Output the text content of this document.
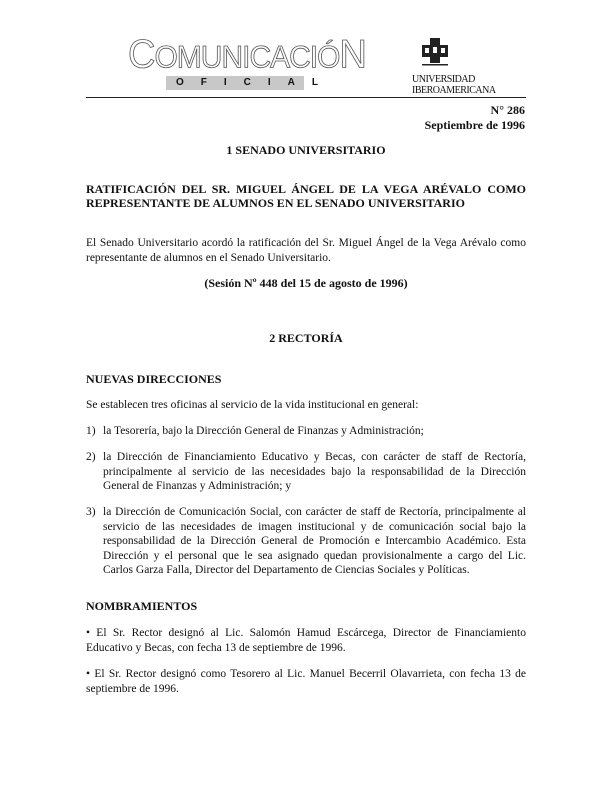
COMUNICACIÓN
OFICIAL	UNIVERSIDAD
IBEROAMERICANA
N° 286
Septiembre de 1996
1 SENADO UNIVERSITARIO
RATIFICACIÓN DEL SR. MIGUEL ÁNGEL DE LA VEGA ARÉVALO COMO REPRESENTANTE DE ALUMNOS EN EL SENADO UNIVERSITARIO
El Senado Universitario acordó la ratificación del Sr. Miguel Ángel de la Vega Arévalo como representante de alumnos en el Senado Universitario.
(Sesión Nº 448 del 15 de agosto de 1996)
2 RECTORÍA
NUEVAS DIRECCIONES
Se establecen tres oficinas al servicio de la vida institucional en general:
1) la Tesorería, bajo la Dirección General de Finanzas y Administración;
2) la Dirección de Financiamiento Educativo y Becas, con carácter de staff de Rectoría, principalmente al servicio de las necesidades bajo la responsabilidad de la Dirección General de Finanzas y Administración; y
3) la Dirección de Comunicación Social, con carácter de staff de Rectoría, principalmente al servicio de las necesidades de imagen institucional y de comunicación social bajo la responsabilidad de la Dirección General de Promoción e Intercambio Académico. Esta Dirección y el personal que le sea asignado quedan provisionalmente a cargo del Lic. Carlos Garza Falla, Director del Departamento de Ciencias Sociales y Políticas.
NOMBRAMIENTOS
• El Sr. Rector designó al Lic. Salomón Hamud Escárcega, Director de Financiamiento Educativo y Becas, con fecha 13 de septiembre de 1996.
• El Sr. Rector designó como Tesorero al Lic. Manuel Becerril Olavarrieta, con fecha 13 de septiembre de 1996.
